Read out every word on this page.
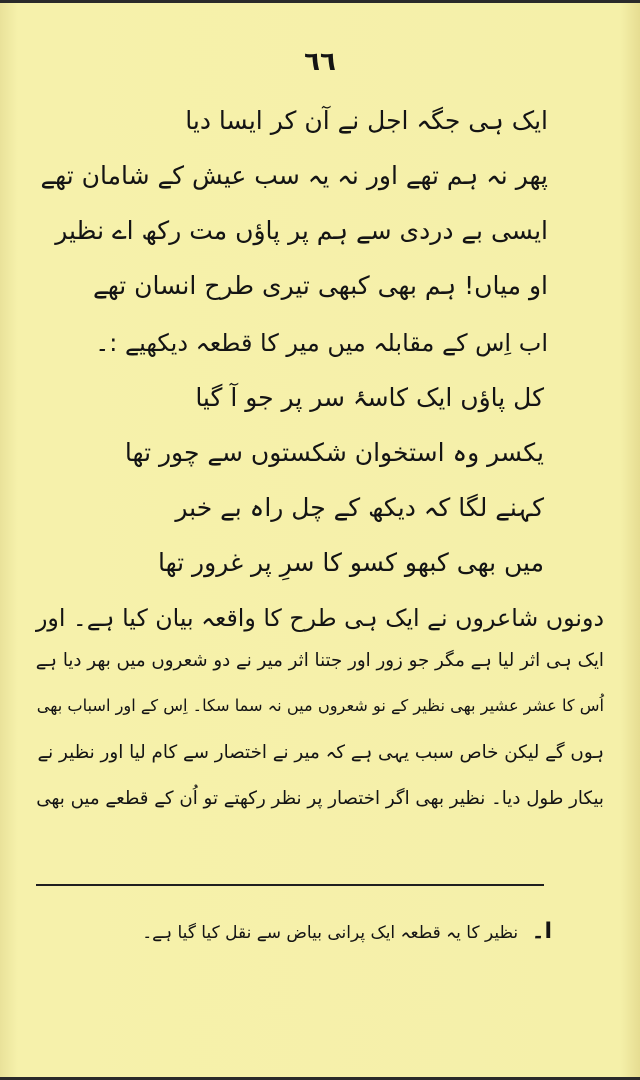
٦٦
ایک ہی جگہ اجل نے آن کر ایسا دیا
پھر نہ ہم تھے اور نہ یہ سب عیش کے شامان تھے
ایسی بے دردی سے ہم پر پاؤں مت رکھ اے نظیر
او میاں! ہم بھی کبھی تیری طرح انسان تھے
اب اِس کے مقابلہ میں میر کا قطعہ دیکھیے :۔
کل پاؤں ایک کاسۂ سر پر جو آ گیا
یکسر وہ استخوان شکستوں سے چور تھا
کہنے لگا کہ دیکھ کے چل راہ بے خبر
میں بھی کبھو کسو کا سرِ پر غرور تھا
دونوں شاعروں نے ایک ہی طرح کا واقعہ بیان کیا ہے۔ اور
ایک ہی اثر لیا ہے مگر جو زور اور جتنا اثر میر نے دو شعروں میں بھر دیا ہے
اُس کا عشر عشیر بھی نظیر کے نو شعروں میں نہ سما سکا۔ اِس کے اور اسباب بھی
ہوں گے لیکن خاص سبب یہی ہے کہ میر نے اختصار سے کام لیا اور نظیر نے
بیکار طول دیا۔ نظیر بھی اگر اختصار پر نظر رکھتے تو اُن کے قطعے میں بھی
ا۔ نظیر کا یہ قطعہ ایک پرانی بیاض سے نقل کیا گیا ہے۔
